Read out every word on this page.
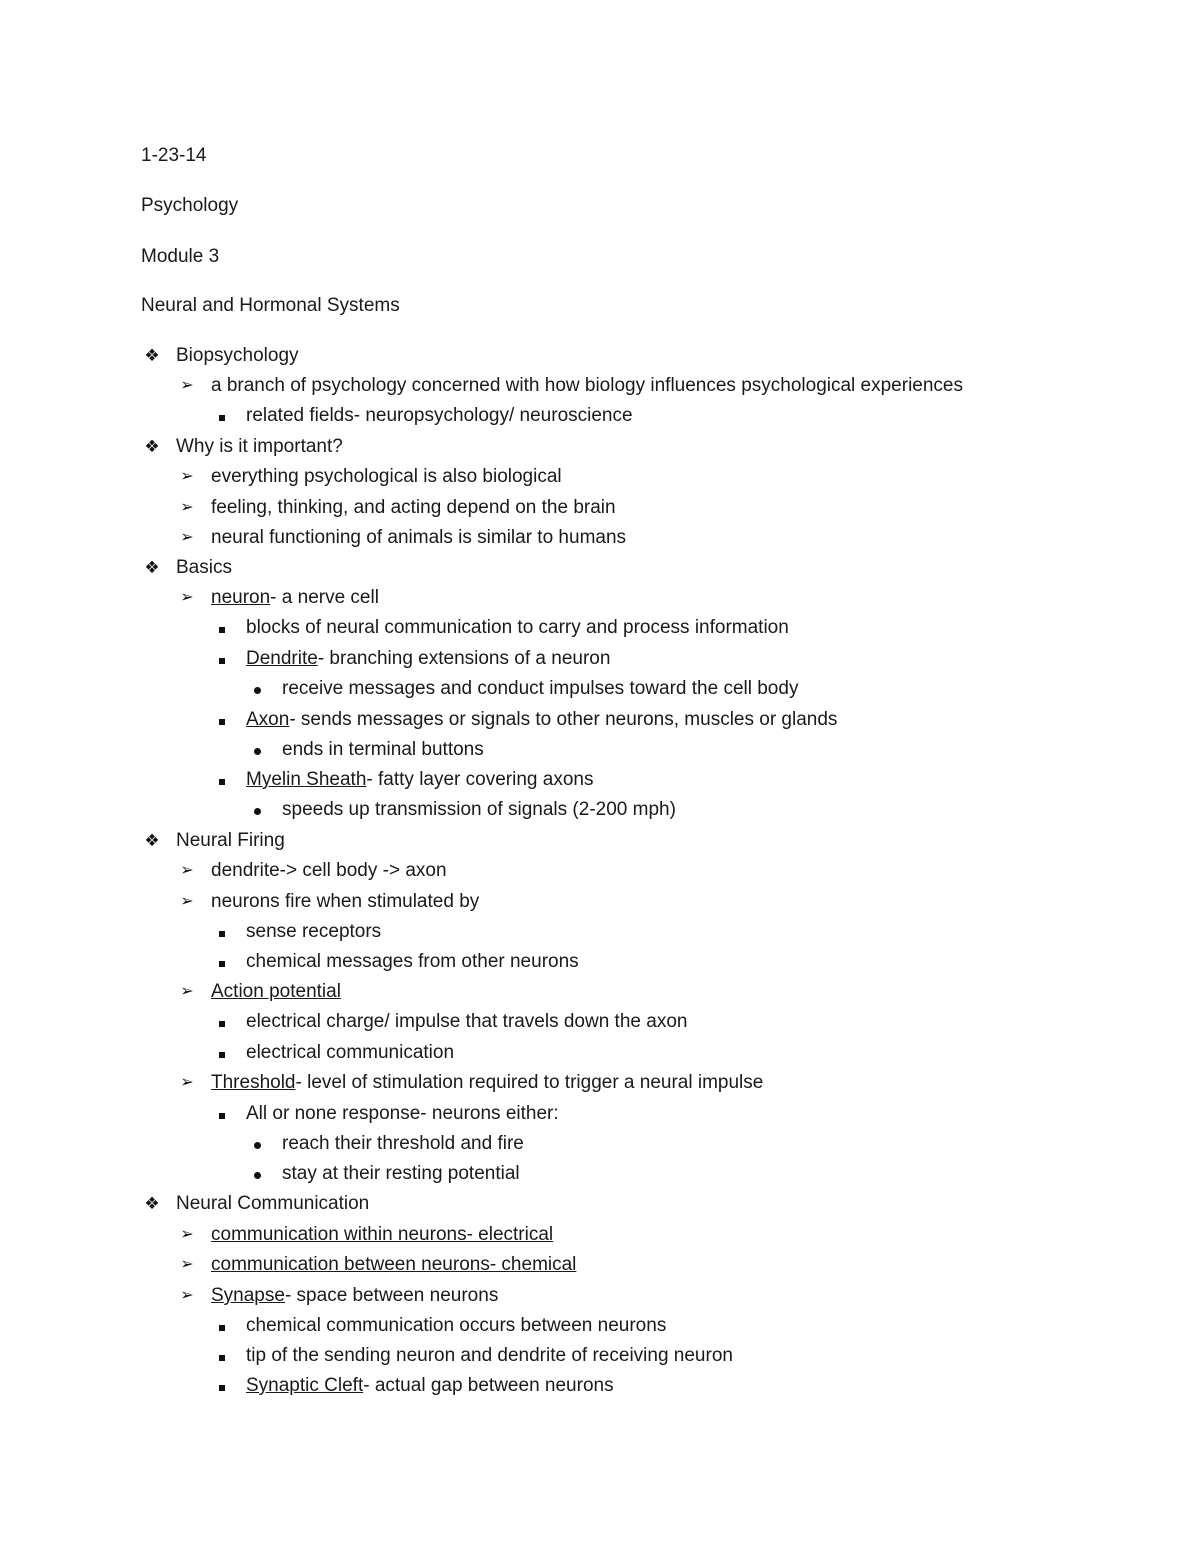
1-23-14
Psychology
Module 3
Neural and Hormonal Systems
❖ Biopsychology
➢ a branch of psychology concerned with how biology influences psychological experiences
related fields- neuropsychology/ neuroscience
❖ Why is it important?
➢ everything psychological is also biological
➢ feeling, thinking, and acting depend on the brain
➢ neural functioning of animals is similar to humans
❖ Basics
➢ neuron- a nerve cell
blocks of neural communication to carry and process information
Dendrite- branching extensions of a neuron
receive messages and conduct impulses toward the cell body
Axon- sends messages or signals to other neurons, muscles or glands
ends in terminal buttons
Myelin Sheath- fatty layer covering axons
speeds up transmission of signals (2-200 mph)
❖ Neural Firing
➢ dendrite-> cell body -> axon
➢ neurons fire when stimulated by
sense receptors
chemical messages from other neurons
➢ Action potential
electrical charge/ impulse that travels down the axon
electrical communication
➢ Threshold- level of stimulation required to trigger a neural impulse
All or none response- neurons either:
reach their threshold and fire
stay at their resting potential
❖ Neural Communication
➢ communication within neurons- electrical
➢ communication between neurons- chemical
➢ Synapse- space between neurons
chemical communication occurs between neurons
tip of the sending neuron and dendrite of receiving neuron
Synaptic Cleft- actual gap between neurons
